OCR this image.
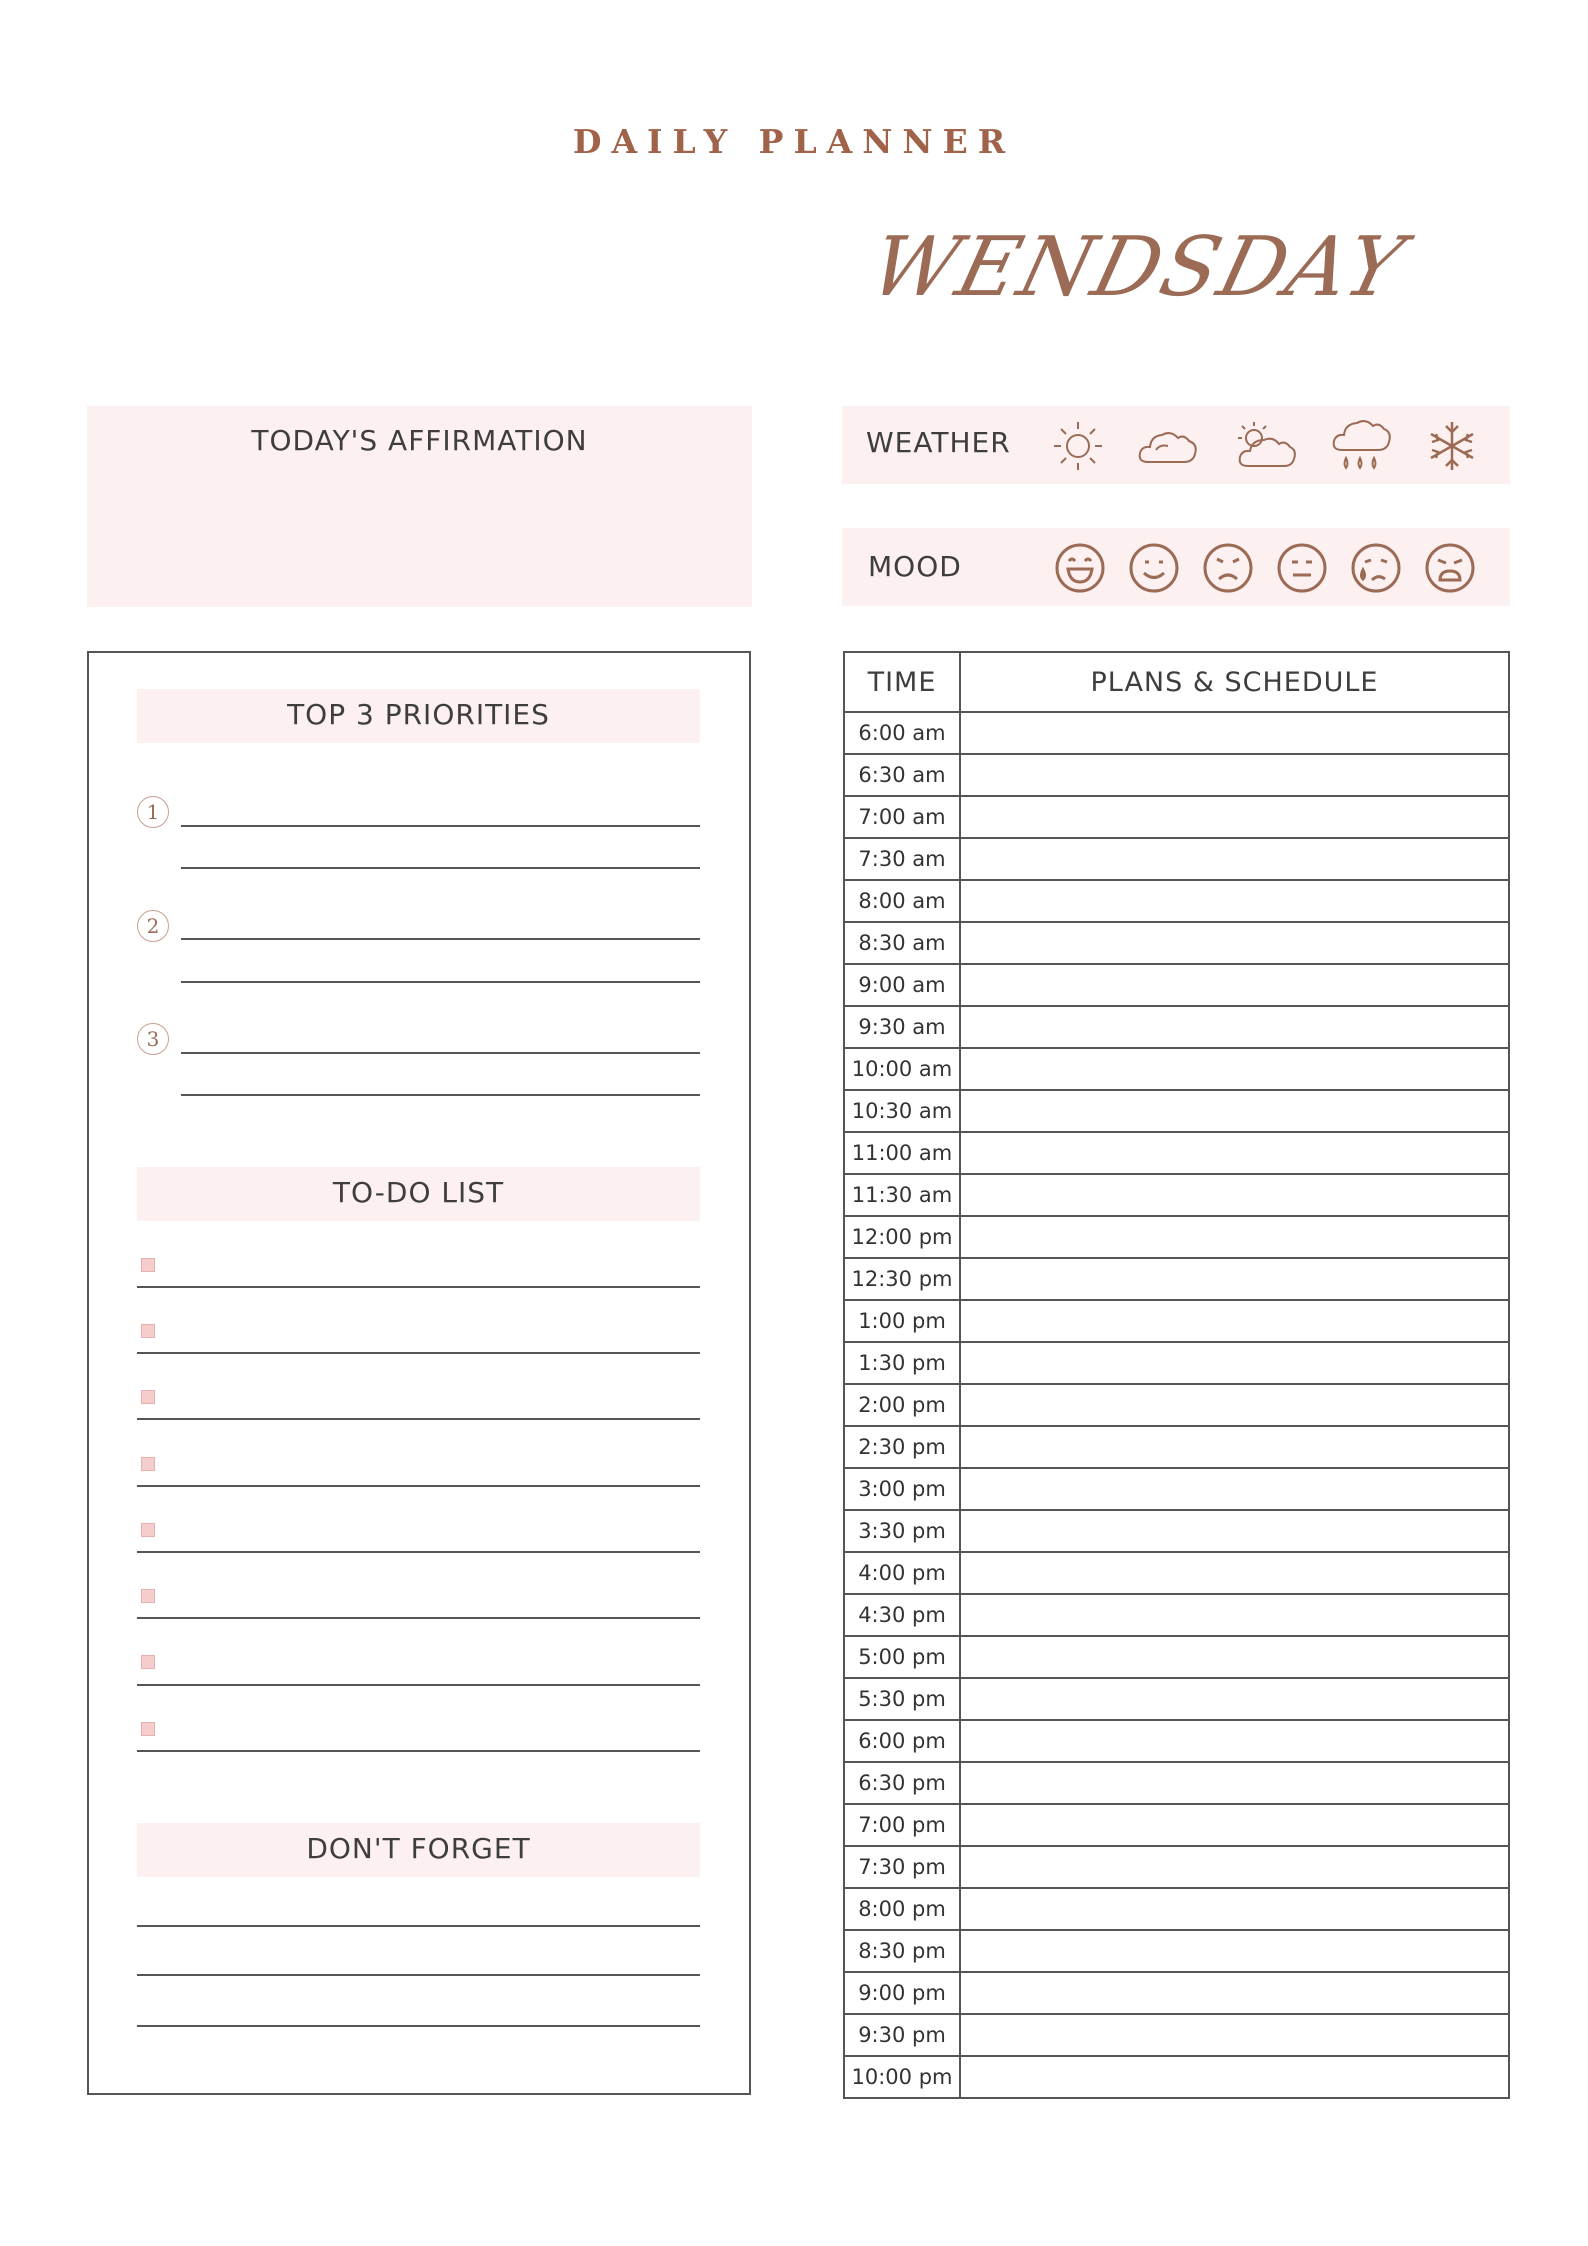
DAILY PLANNER
WENDSDAY
TODAY'S AFFIRMATION	WEATHER
MOOD
TOP 3 PRIORITIES
1
2
3
TO-DO LIST
DON'T FORGET
TIME	PLANS & SCHEDULE
6:00 am	
6:30 am	
7:00 am	
7:30 am	
8:00 am	
8:30 am	
9:00 am	
9:30 am	
10:00 am	
10:30 am	
11:00 am	
11:30 am	
12:00 pm	
12:30 pm	
1:00 pm	
1:30 pm	
2:00 pm	
2:30 pm	
3:00 pm	
3:30 pm	
4:00 pm	
4:30 pm	
5:00 pm	
5:30 pm	
6:00 pm	
6:30 pm	
7:00 pm	
7:30 pm	
8:00 pm	
8:30 pm	
9:00 pm	
9:30 pm	
10:00 pm	
